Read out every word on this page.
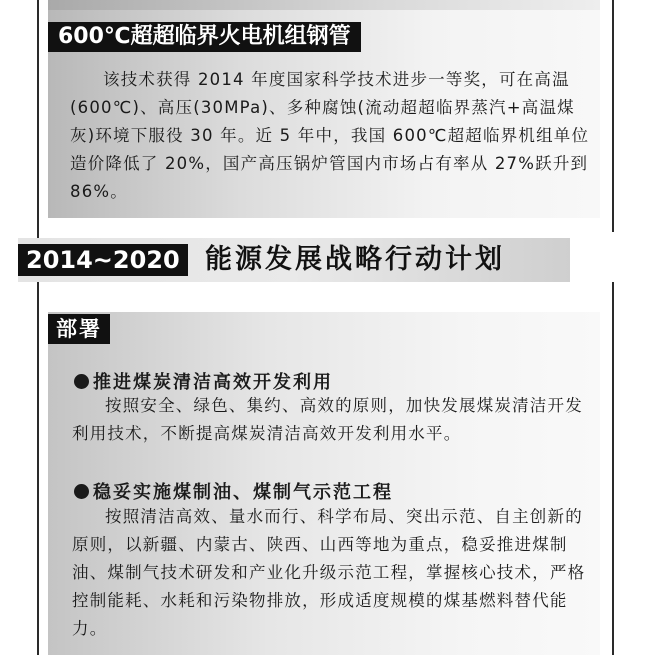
600℃超超临界火电机组钢管

该技术获得 2014 年度国家科学技术进步一等奖，可在高温(600℃)、高压(30MPa)、多种腐蚀(流动超超临界蒸汽+高温煤灰)环境下服役 30 年。近 5 年中，我国 600℃超超临界机组单位造价降低了 20%，国产高压锅炉管国内市场占有率从 27%跃升到 86%。

2014~2020 能源发展战略行动计划
部署
推进煤炭清洁高效开发利用

按照安全、绿色、集约、高效的原则，加快发展煤炭清洁开发利用技术，不断提高煤炭清洁高效开发利用水平。

稳妥实施煤制油、煤制气示范工程

按照清洁高效、量水而行、科学布局、突出示范、自主创新的原则，以新疆、内蒙古、陕西、山西等地为重点，稳妥推进煤制油、煤制气技术研发和产业化升级示范工程，掌握核心技术，严格控制能耗、水耗和污染物排放，形成适度规模的煤基燃料替代能力。
